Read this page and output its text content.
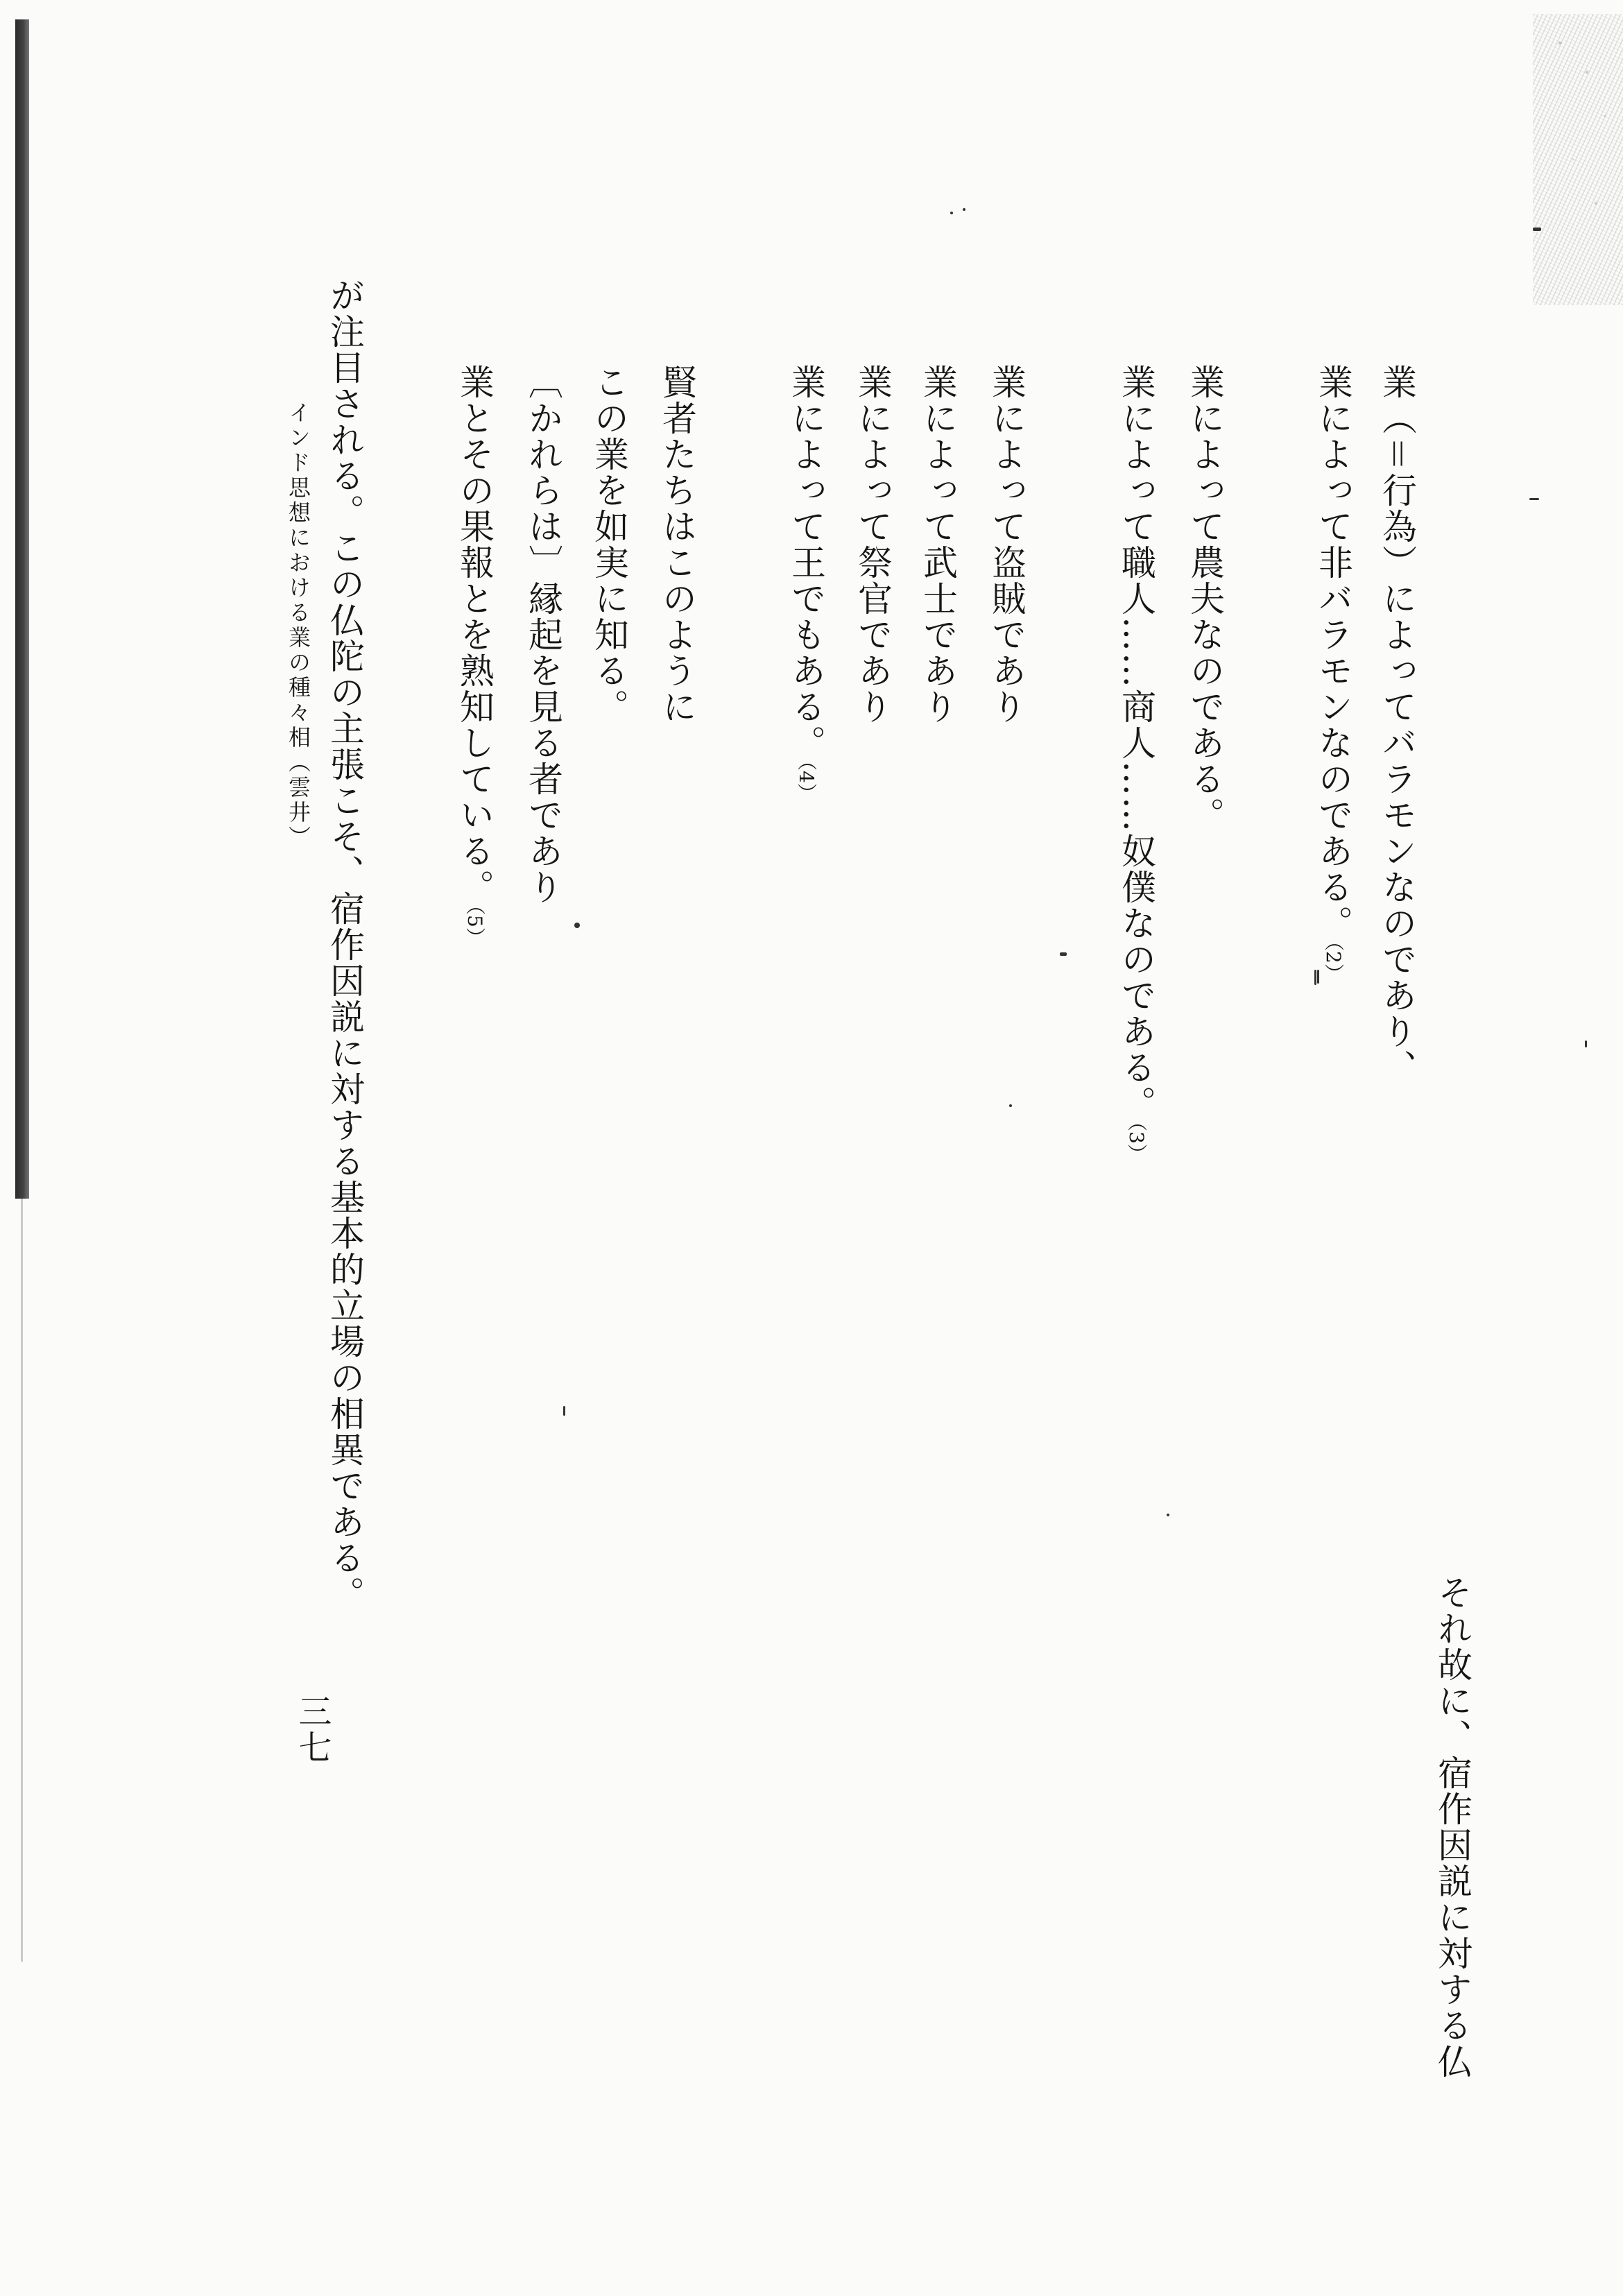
業（＝行為）によってバラモンなのであり、
業によって非バラモンなのである。（2）
業によって農夫なのである。
業によって職人……商人……奴僕なのである。（3）
業によって盗賊であり
業によって武士であり
業によって祭官であり
業によって王でもある。（4）
賢者たちはこのように
この業を如実に知る。
〔かれらは〕縁起を見る者であり
業とその果報とを熟知している。（5）
それ故に、宿作因説に対する仏
が注目される。この仏陀の主張こそ、宿作因説に対する基本的立場の相異である。
インド思想における業の種々相（雲井）
三七
